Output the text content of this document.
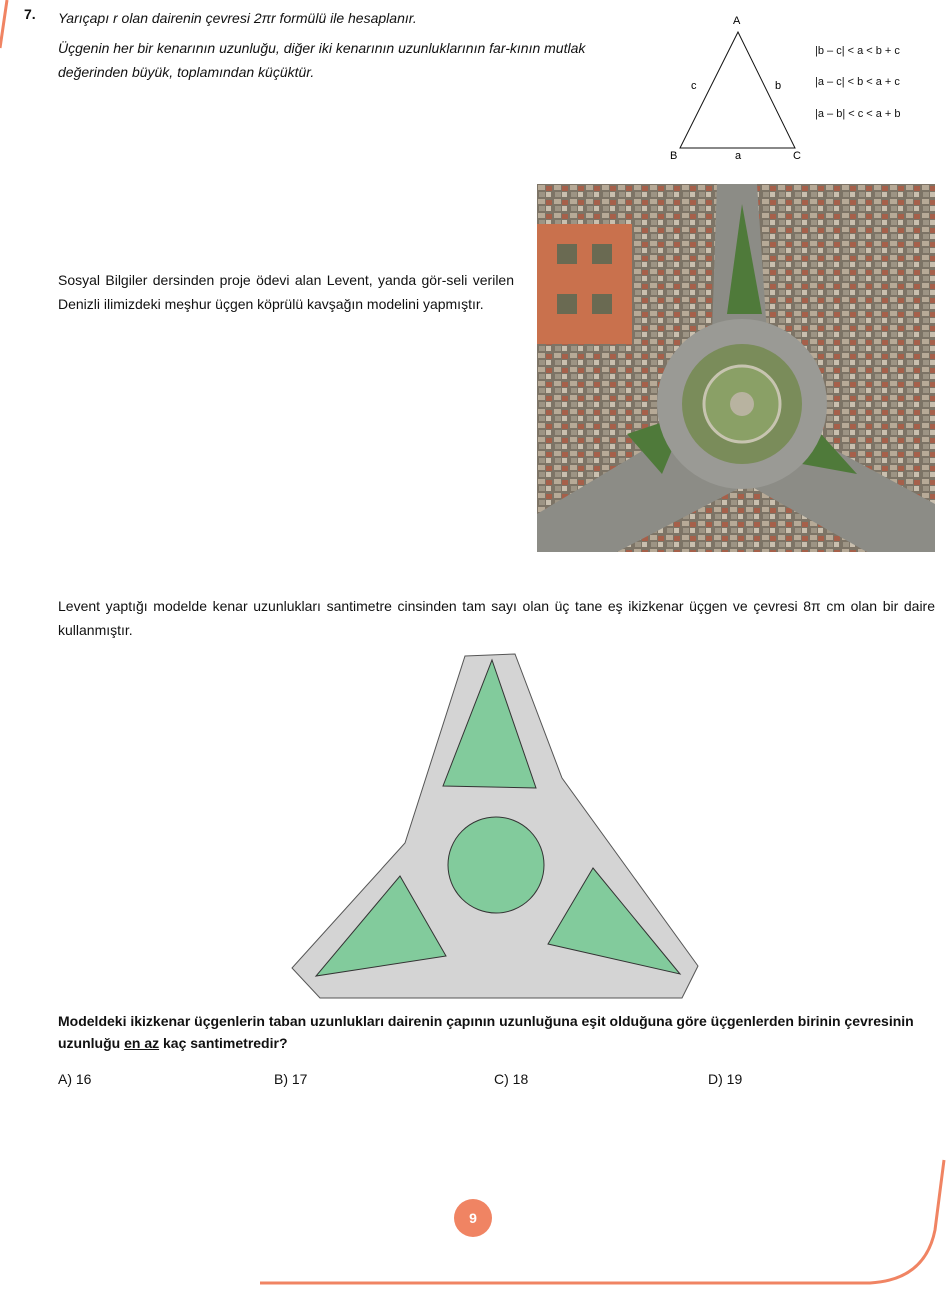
7. Yarıçapı r olan dairenin çevresi 2πr formülü ile hesaplanır.
Üçgenin her bir kenarının uzunluğu, diğer iki kenarının uzunluklarının far-kının mutlak değerinden büyük, toplamından küçüktür.
A
B	C
a
b
c
|b – c| < a < b + c
|a – c| < b < a + c
|a – b| < c < a + b
Sosyal Bilgiler dersinden proje ödevi alan Levent, yanda gör-seli verilen Denizli ilimizdeki meşhur üçgen köprülü kavşağın modelini yapmıştır.
Levent yaptığı modelde kenar uzunlukları santimetre cinsinden tam sayı olan üç tane eş ikizkenar üçgen ve çevresi 8π cm olan bir daire kullanmıştır.
Modeldeki ikizkenar üçgenlerin taban uzunlukları dairenin çapının uzunluğuna eşit olduğuna göre üçgenlerden birinin çevresinin uzunluğu en az kaç santimetredir?
A) 16	B) 17	C) 18	D) 19
9
